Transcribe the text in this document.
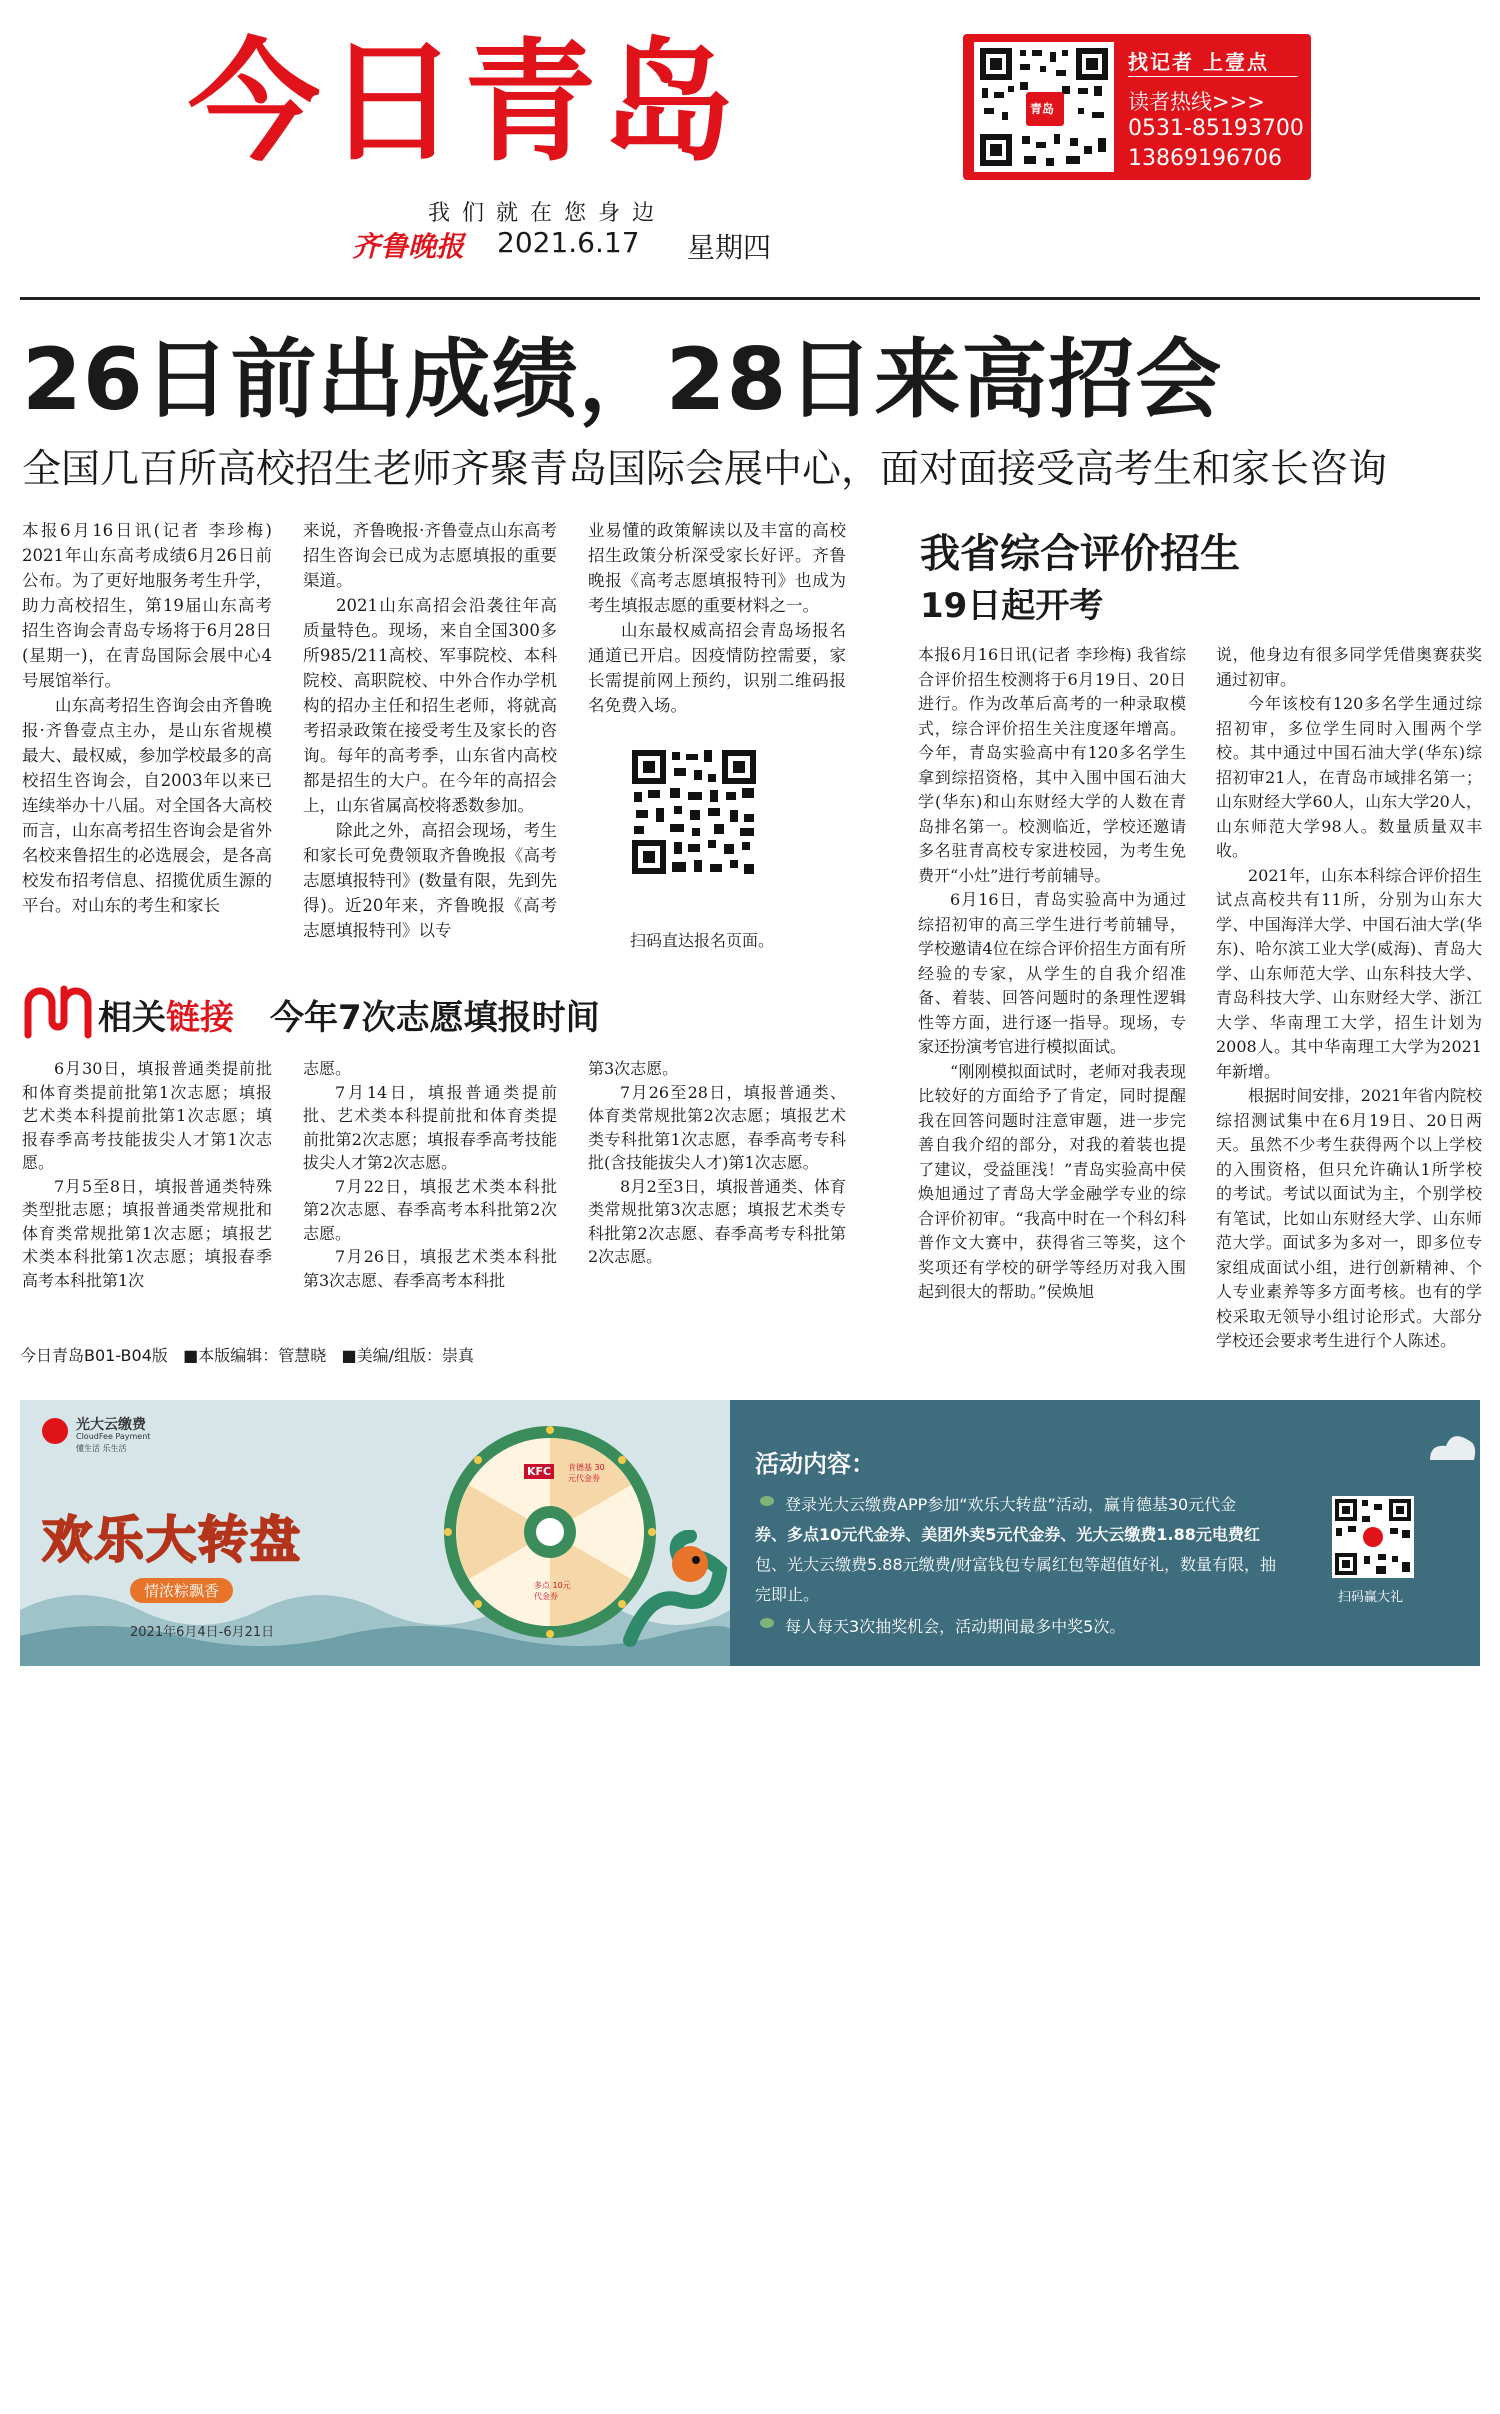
今日青岛
我们就在您身边
齐鲁晚报 2021.6.17 星期四
青岛
找记者 上壹点
读者热线>>>
0531-85193700
13869196706
26日前出成绩，28日来高招会
全国几百所高校招生老师齐聚青岛国际会展中心，面对面接受高考生和家长咨询

本报6月16日讯(记者 李珍梅) 2021年山东高考成绩6月26日前公布。为了更好地服务考生升学，助力高校招生，第19届山东高考招生咨询会青岛专场将于6月28日(星期一)，在青岛国际会展中心4号展馆举行。

山东高考招生咨询会由齐鲁晚报·齐鲁壹点主办，是山东省规模最大、最权威，参加学校最多的高校招生咨询会，自2003年以来已连续举办十八届。对全国各大高校而言，山东高考招生咨询会是省外名校来鲁招生的必选展会，是各高校发布招考信息、招揽优质生源的平台。对山东的考生和家长

来说，齐鲁晚报·齐鲁壹点山东高考招生咨询会已成为志愿填报的重要渠道。

2021山东高招会沿袭往年高质量特色。现场，来自全国300多所985/211高校、军事院校、本科院校、高职院校、中外合作办学机构的招办主任和招生老师，将就高考招录政策在接受考生及家长的咨询。每年的高考季，山东省内高校都是招生的大户。在今年的高招会上，山东省属高校将悉数参加。

除此之外，高招会现场，考生和家长可免费领取齐鲁晚报《高考志愿填报特刊》(数量有限，先到先得)。近20年来，齐鲁晚报《高考志愿填报特刊》以专

业易懂的政策解读以及丰富的高校招生政策分析深受家长好评。齐鲁晚报《高考志愿填报特刊》也成为考生填报志愿的重要材料之一。

山东最权威高招会青岛场报名通道已开启。因疫情防控需要，家长需提前网上预约，识别二维码报名免费入场。

扫码直达报名页面。
我省综合评价招生
19日起开考

本报6月16日讯(记者 李珍梅) 我省综合评价招生校测将于6月19日、20日进行。作为改革后高考的一种录取模式，综合评价招生关注度逐年增高。今年，青岛实验高中有120多名学生拿到综招资格，其中入围中国石油大学(华东)和山东财经大学的人数在青岛排名第一。校测临近，学校还邀请多名驻青高校专家进校园，为考生免费开“小灶”进行考前辅导。

6月16日，青岛实验高中为通过综招初审的高三学生进行考前辅导，学校邀请4位在综合评价招生方面有所经验的专家，从学生的自我介绍准备、着装、回答问题时的条理性逻辑性等方面，进行逐一指导。现场，专家还扮演考官进行模拟面试。

“刚刚模拟面试时，老师对我表现比较好的方面给予了肯定，同时提醒我在回答问题时注意审题，进一步完善自我介绍的部分，对我的着装也提了建议，受益匪浅！”青岛实验高中侯焕旭通过了青岛大学金融学专业的综合评价初审。“我高中时在一个科幻科普作文大赛中，获得省三等奖，这个奖项还有学校的研学等经历对我入围起到很大的帮助。”侯焕旭

说，他身边有很多同学凭借奥赛获奖通过初审。

今年该校有120多名学生通过综招初审，多位学生同时入围两个学校。其中通过中国石油大学(华东)综招初审21人，在青岛市域排名第一；山东财经大学60人，山东大学20人，山东师范大学98人。数量质量双丰收。

2021年，山东本科综合评价招生试点高校共有11所，分别为山东大学、中国海洋大学、中国石油大学(华东)、哈尔滨工业大学(威海)、青岛大学、山东师范大学、山东科技大学、青岛科技大学、山东财经大学、浙江大学、华南理工大学，招生计划为2008人。其中华南理工大学为2021年新增。

根据时间安排，2021年省内院校综招测试集中在6月19日、20日两天。虽然不少考生获得两个以上学校的入围资格，但只允许确认1所学校的考试。考试以面试为主，个别学校有笔试，比如山东财经大学、山东师范大学。面试多为多对一，即多位专家组成面试小组，进行创新精神、个人专业素养等多方面考核。也有的学校采取无领导小组讨论形式。大部分学校还会要求考生进行个人陈述。

相关链接 今年7次志愿填报时间

6月30日，填报普通类提前批和体育类提前批第1次志愿；填报艺术类本科提前批第1次志愿；填报春季高考技能拔尖人才第1次志愿。

7月5至8日，填报普通类特殊类型批志愿；填报普通类常规批和体育类常规批第1次志愿；填报艺术类本科批第1次志愿；填报春季高考本科批第1次

志愿。

7月14日，填报普通类提前批、艺术类本科提前批和体育类提前批第2次志愿；填报春季高考技能拔尖人才第2次志愿。

7月22日，填报艺术类本科批第2次志愿、春季高考本科批第2次志愿。

7月26日，填报艺术类本科批第3次志愿、春季高考本科批

第3次志愿。

7月26至28日，填报普通类、体育类常规批第2次志愿；填报艺术类专科批第1次志愿，春季高考专科批(含技能拔尖人才)第1次志愿。

8月2至3日，填报普通类、体育类常规批第3次志愿；填报艺术类专科批第2次志愿、春季高考专科批第2次志愿。

今日青岛B01-B04版 ■本版编辑：管慧晓 ■美编/组版：崇真
光大云缴费
CloudFee Payment
懂生活 乐生活
欢乐大转盘
情浓粽飘香
2021年6月4日-6月21日
KFC	肯德基 30元代金券
多点 10元代金券
活动内容：
登录光大云缴费APP参加“欢乐大转盘”活动，赢肯德基30元代金
券、多点10元代金券、美团外卖5元代金券、光大云缴费1.88元电费红
包、光大云缴费5.88元缴费/财富钱包专属红包等超值好礼，数量有限，抽
完即止。
每人每天3次抽奖机会，活动期间最多中奖5次。
扫码赢大礼
